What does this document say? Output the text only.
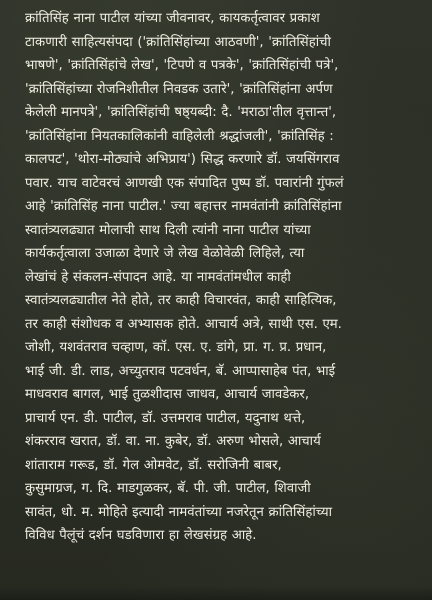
क्रांतिसिंह नाना पाटील यांच्या जीवनावर, कायकर्तृत्वावर प्रकाश
टाकणारी साहित्यसंपदा ('क्रांतिसिंहांच्या आठवणी', 'क्रांतिसिंहांची
भाषणे', 'क्रांतिसिंहांचे लेख', 'टिपणे व पत्रके', 'क्रांतिसिंहांची पत्रे',
'क्रांतिसिंहांच्या रोजनिशीतील निवडक उतारे', 'क्रांतिसिंहांना अर्पण
केलेली मानपत्रे', 'क्रांतिसिंहांची षष्ठ्यब्दी: दै. 'मराठा'तील वृत्तान्त',
'क्रांतिसिंहांना नियतकालिकांनी वाहिलेली श्रद्धांजली', 'क्रांतिसिंह :
कालपट', 'थोरा-मोठ्यांचे अभिप्राय') सिद्ध करणारे डॉ. जयसिंगराव
पवार. याच वाटेवरचं आणखी एक संपादित पुष्प डॉ. पवारांनी गुंफलं
आहे 'क्रांतिसिंह नाना पाटील.' ज्या बहात्तर नामवंतांनी क्रांतिसिंहांना
स्वातंत्र्यलढ्यात मोलाची साथ दिली त्यांनी नाना पाटील यांच्या
कार्यकर्तृत्वाला उजाळा देणारे जे लेख वेळोवेळी लिहिले, त्या
लेखांचं हे संकलन-संपादन आहे. या नामवंतांमधील काही
स्वातंत्र्यलढ्यातील नेते होते, तर काही विचारवंत, काही साहित्यिक,
तर काही संशोधक व अभ्यासक होते. आचार्य अत्रे, साथी एस. एम.
जोशी, यशवंतराव चव्हाण, कॉ. एस. ए. डांगे, प्रा. ग. प्र. प्रधान,
भाई जी. डी. लाड, अच्युतराव पटवर्धन, बॅ. आप्पासाहेब पंत, भाई
माधवराव बागल, भाई तुळशीदास जाधव, आचार्य जावडेकर,
प्राचार्य एन. डी. पाटील, डॉ. उत्तमराव पाटील, यदुनाथ थत्ते,
शंकरराव खरात, डॉ. वा. ना. कुबेर, डॉ. अरुण भोसले, आचार्य
शांताराम गरूड, डॉ. गेल ओमवेट, डॉ. सरोजिनी बाबर,
कुसुमाग्रज, ग. दि. माडगुळकर, बॅ. पी. जी. पाटील, शिवाजी
सावंत, धो. म. मोहिते इत्यादी नामवंतांच्या नजरेतून क्रांतिसिंहांच्या
विविध पैलूंचं दर्शन घडविणारा हा लेखसंग्रह आहे.
